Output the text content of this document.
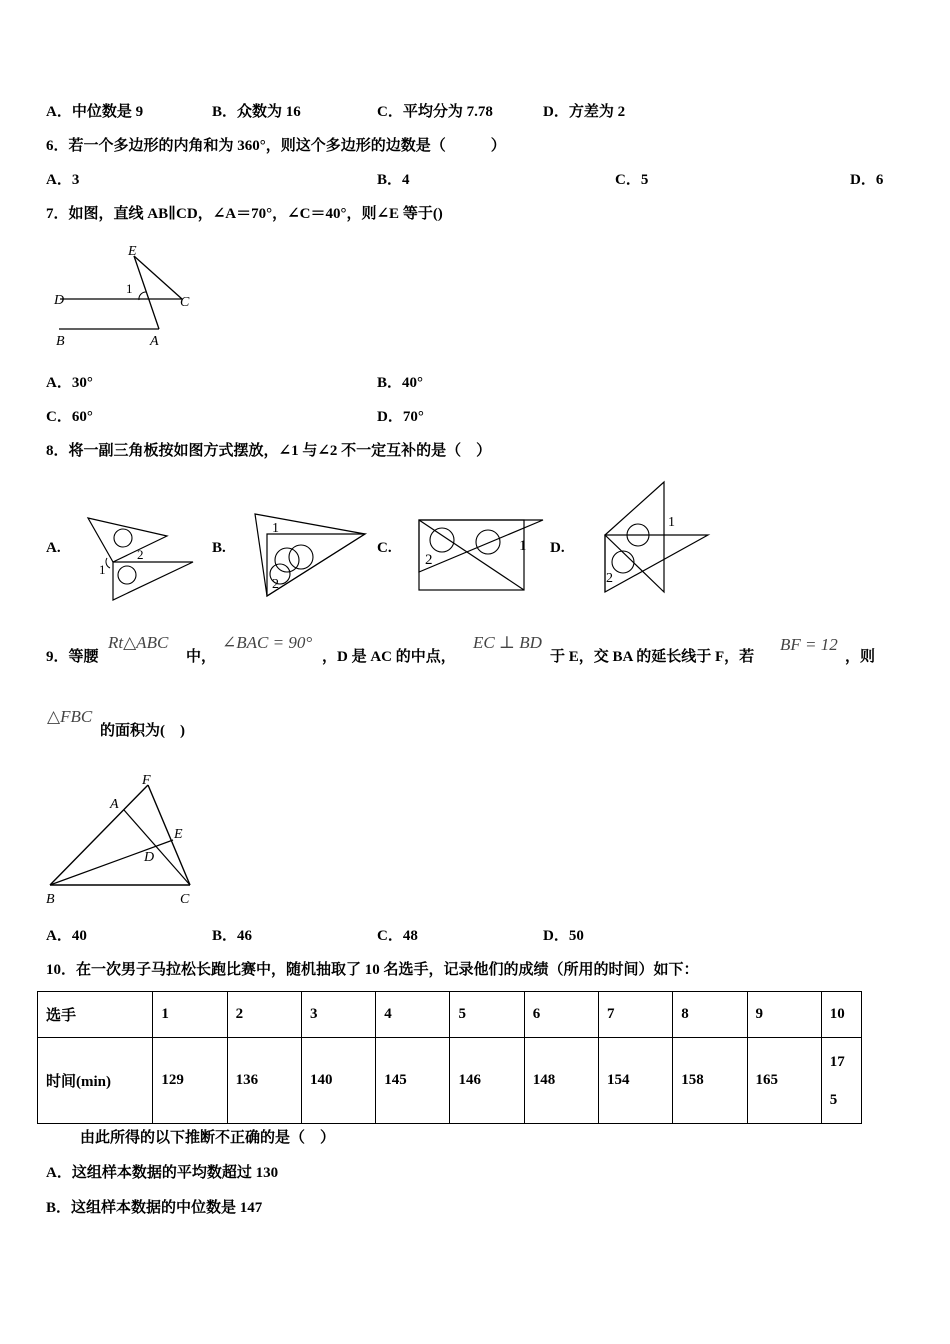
A．中位数是 9	B．众数为 16	C．平均分为 7.78	D．方差为 2
6．若一个多边形的内角和为 360°，则这个多边形的边数是（　　　）
A．3	B．4	C．5	D．6
7．如图，直线 AB∥CD，∠A＝70°，∠C＝40°，则∠E 等于()
E
1
D	C
B	A
A．30°	B．40°
C．60°	D．70°
8．将一副三角板按如图方式摆放，∠1 与∠2 不一定互补的是（　）
A.
1
2	B.
1
2
C.
2
1 D.
1
2
9．等腰
Rt△ABC
中，
∠BAC = 90°
，D 是 AC 的中点，
EC ⊥ BD
于 E，交 BA 的延长线于 F，若
BF = 12
，则
△FBC
的面积为(　)
F
A
E
D
B	C
A．40	B．46	C．48	D．50
10．在一次男子马拉松长跑比赛中，随机抽取了 10 名选手，记录他们的成绩（所用的时间）如下：
选手	1	2	3	4	5	6	7	8	9	10
时间(min)	129	136	140	145	146	148	154	158	165	17
5
由此所得的以下推断不正确的是（　）
A．这组样本数据的平均数超过 130
B．这组样本数据的中位数是 147
